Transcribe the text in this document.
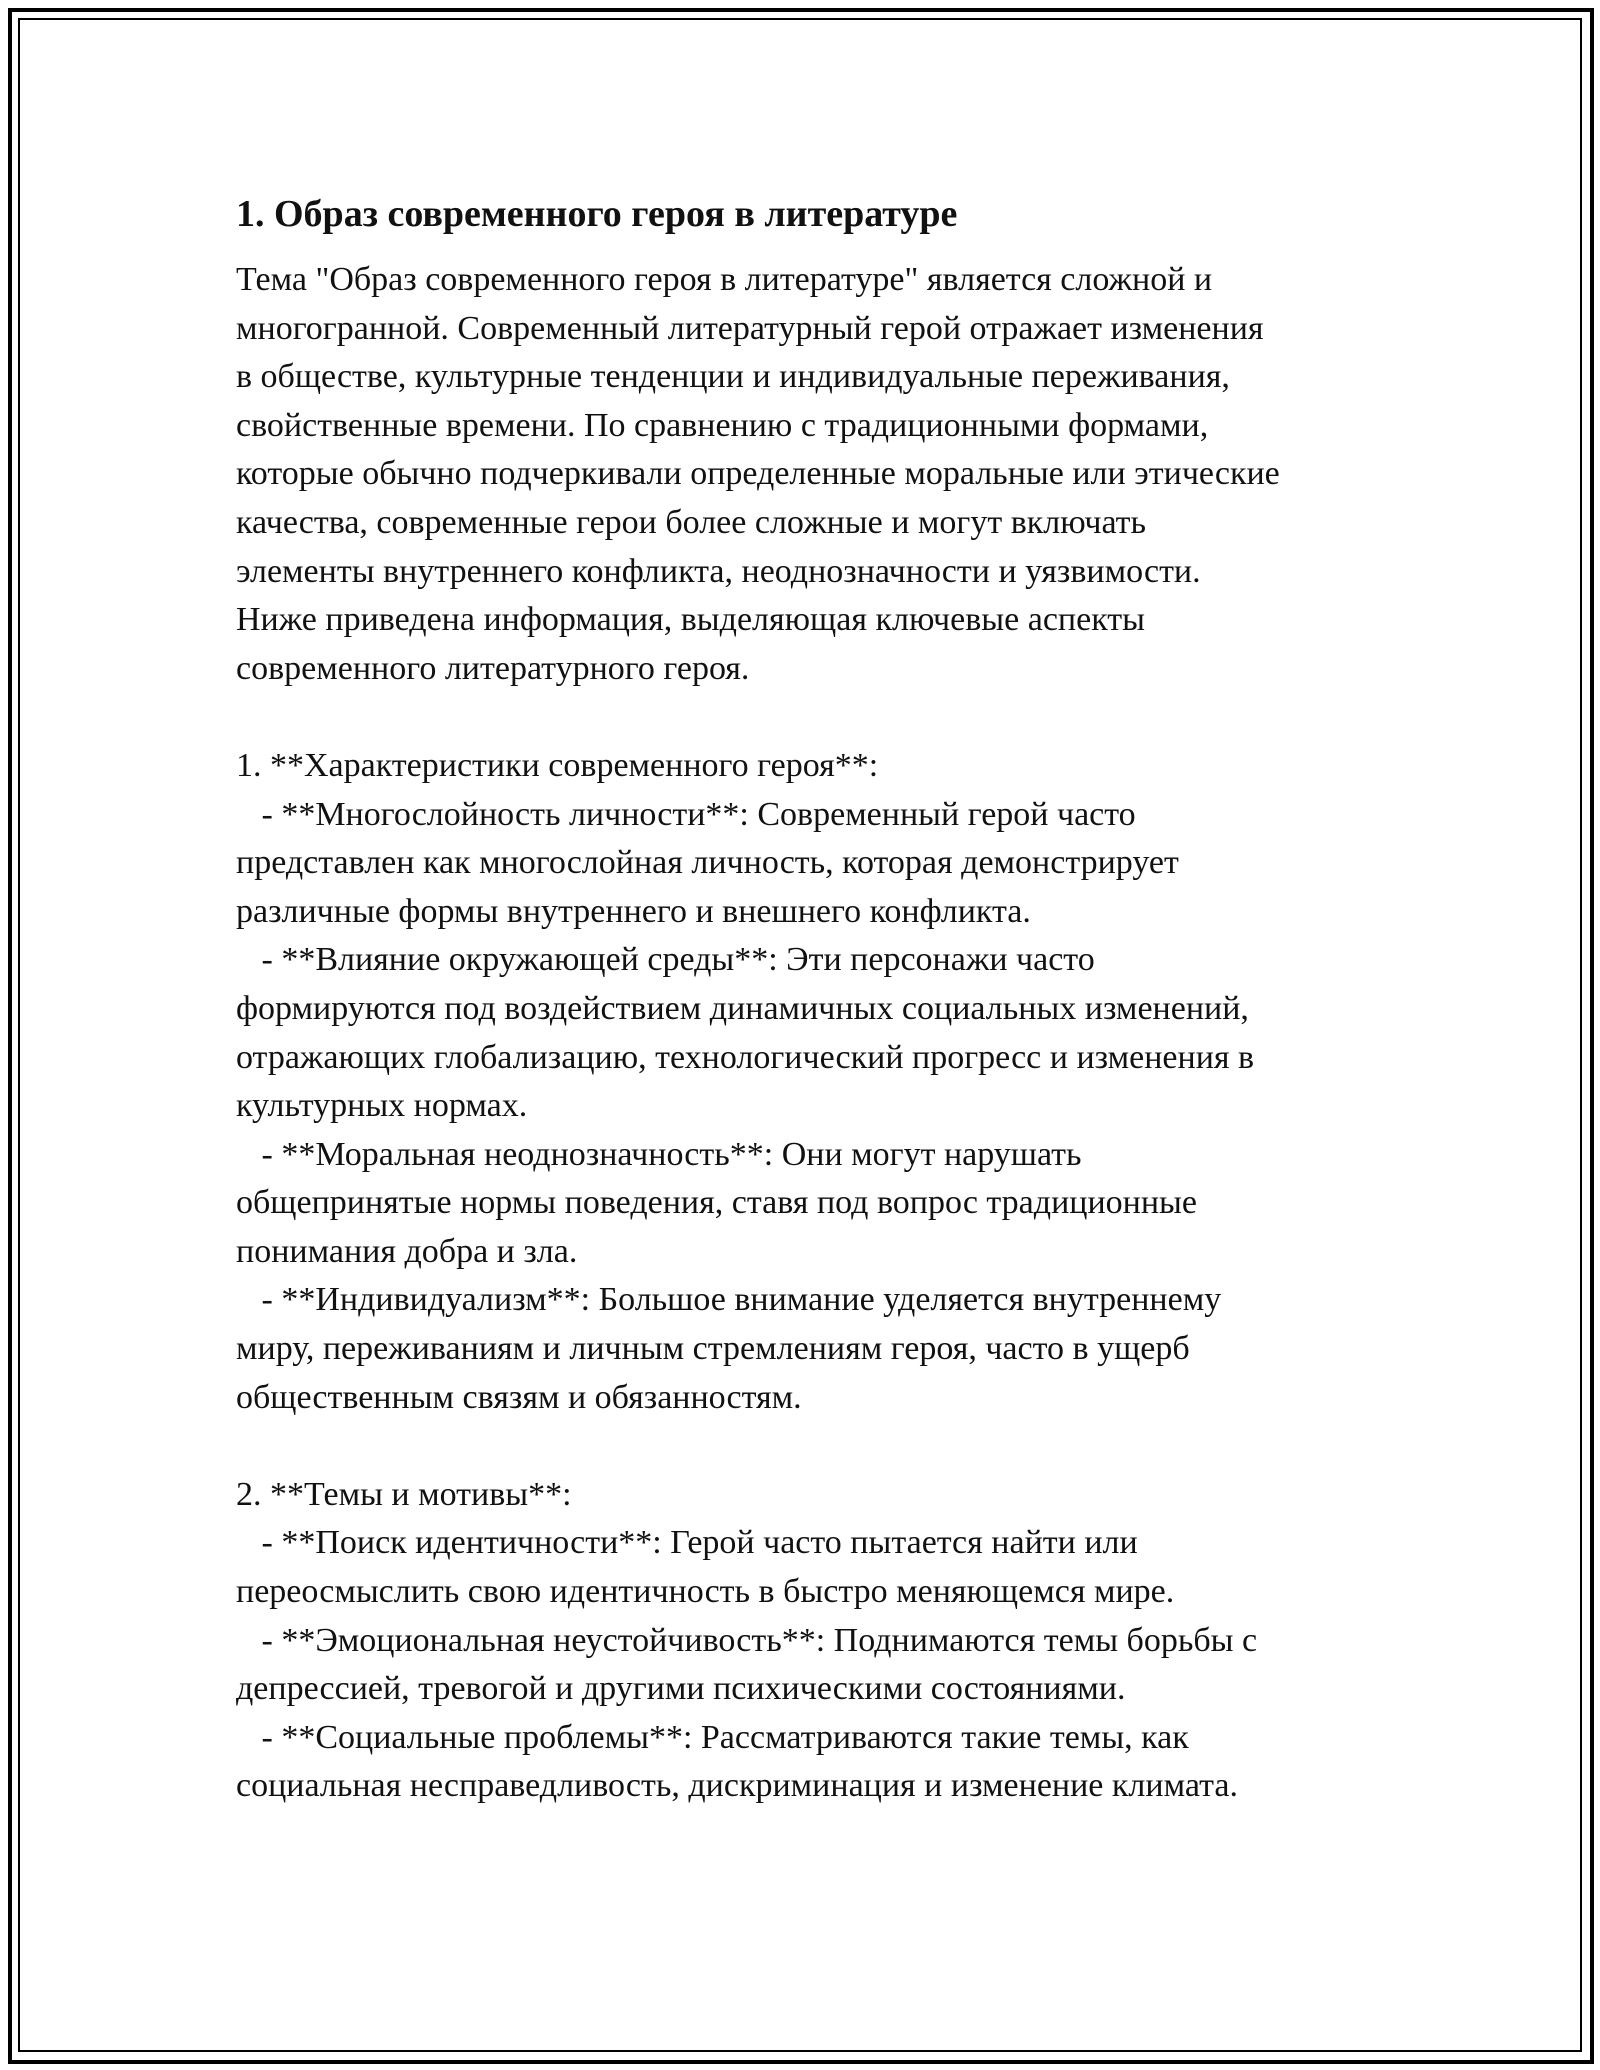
1. Образ современного героя в литературе
Тема "Образ современного героя в литературе" является сложной и
многогранной. Современный литературный герой отражает изменения
в обществе, культурные тенденции и индивидуальные переживания,
свойственные времени. По сравнению с традиционными формами,
которые обычно подчеркивали определенные моральные или этические
качества, современные герои более сложные и могут включать
элементы внутреннего конфликта, неоднозначности и уязвимости.
Ниже приведена информация, выделяющая ключевые аспекты
современного литературного героя.

1. **Характеристики современного героя**:
- **Многослойность личности**: Современный герой часто
представлен как многослойная личность, которая демонстрирует
различные формы внутреннего и внешнего конфликта.
- **Влияние окружающей среды**: Эти персонажи часто
формируются под воздействием динамичных социальных изменений,
отражающих глобализацию, технологический прогресс и изменения в
культурных нормах.
- **Моральная неоднозначность**: Они могут нарушать
общепринятые нормы поведения, ставя под вопрос традиционные
понимания добра и зла.
- **Индивидуализм**: Большое внимание уделяется внутреннему
миру, переживаниям и личным стремлениям героя, часто в ущерб
общественным связям и обязанностям.

2. **Темы и мотивы**:
- **Поиск идентичности**: Герой часто пытается найти или
переосмыслить свою идентичность в быстро меняющемся мире.
- **Эмоциональная неустойчивость**: Поднимаются темы борьбы с
депрессией, тревогой и другими психическими состояниями.
- **Социальные проблемы**: Рассматриваются такие темы, как
социальная несправедливость, дискриминация и изменение климата.
